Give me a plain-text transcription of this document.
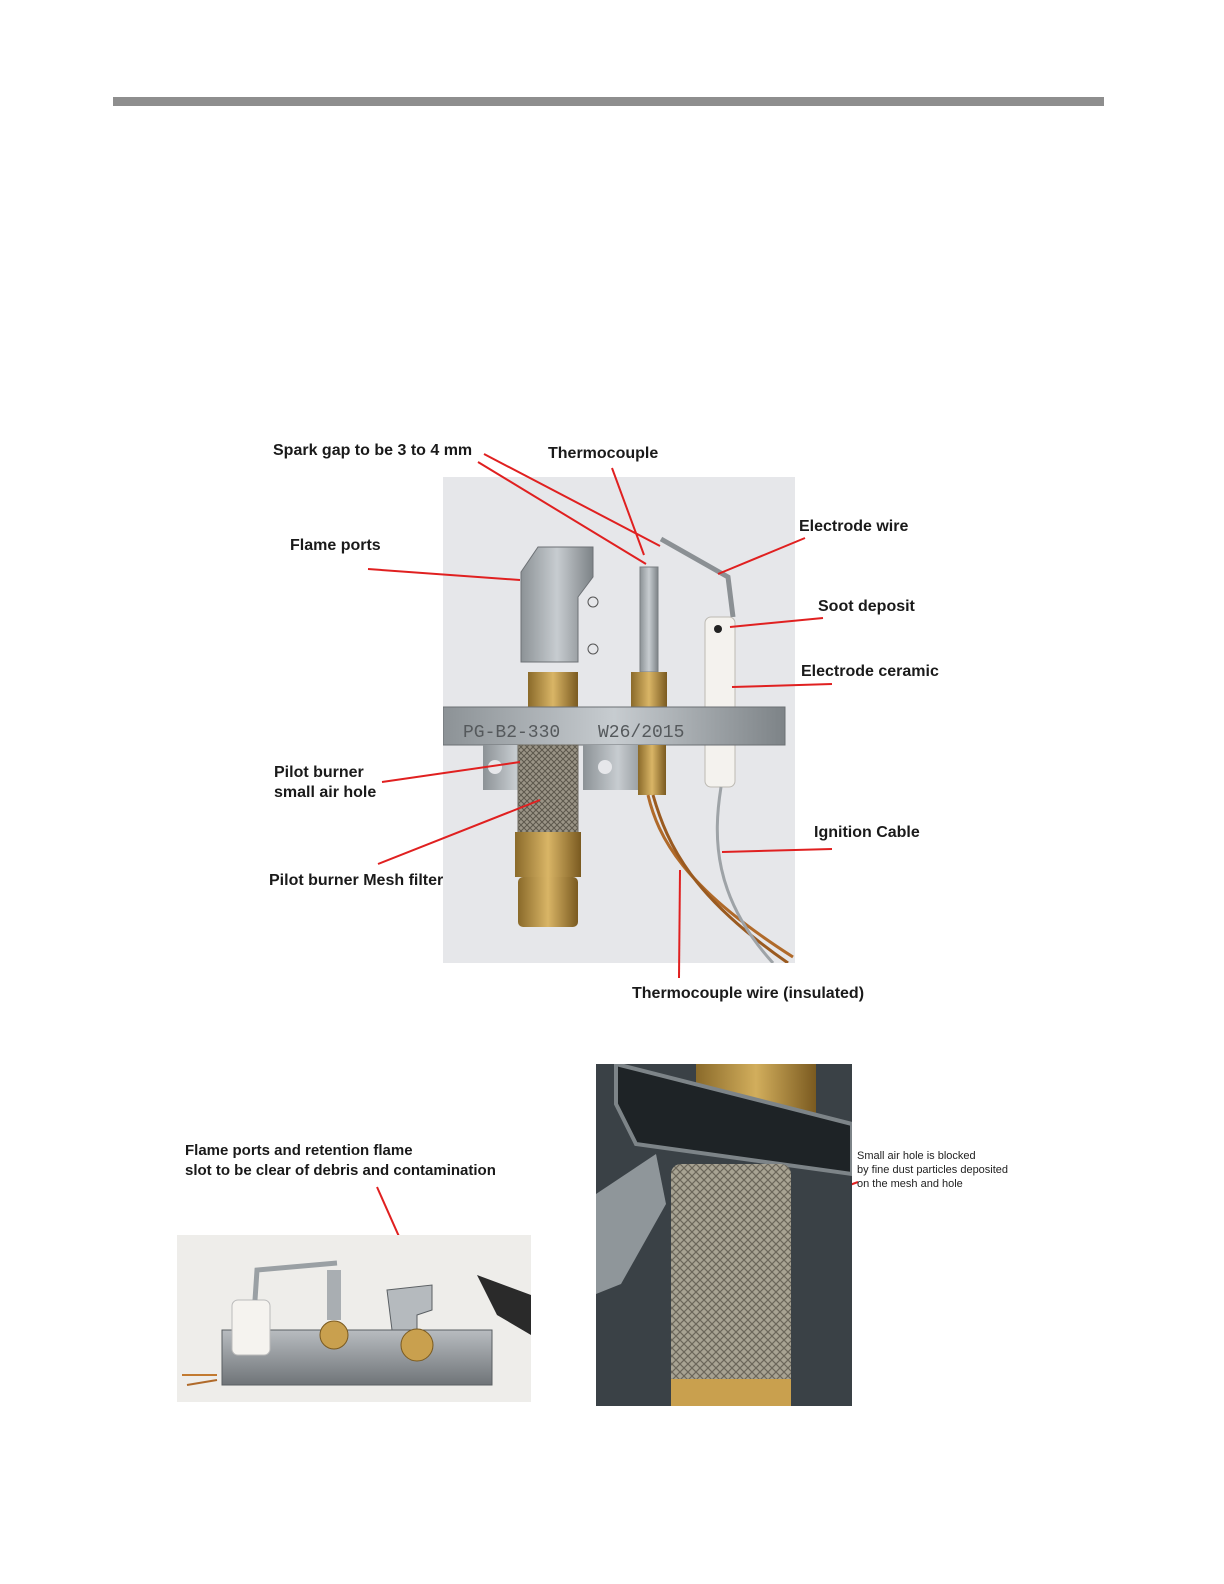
PG-B2-330 W26/2015
Spark gap to be 3 to 4 mm	Thermocouple
Electrode wire
Flame ports
Soot deposit
Electrode ceramic
Pilot burner
small air hole
Ignition Cable
Pilot burner Mesh filter
Thermocouple wire (insulated)
Flame ports and retention flame
slot to be clear of debris and contamination
Small air hole is blocked
by fine dust particles deposited
on the mesh and hole
